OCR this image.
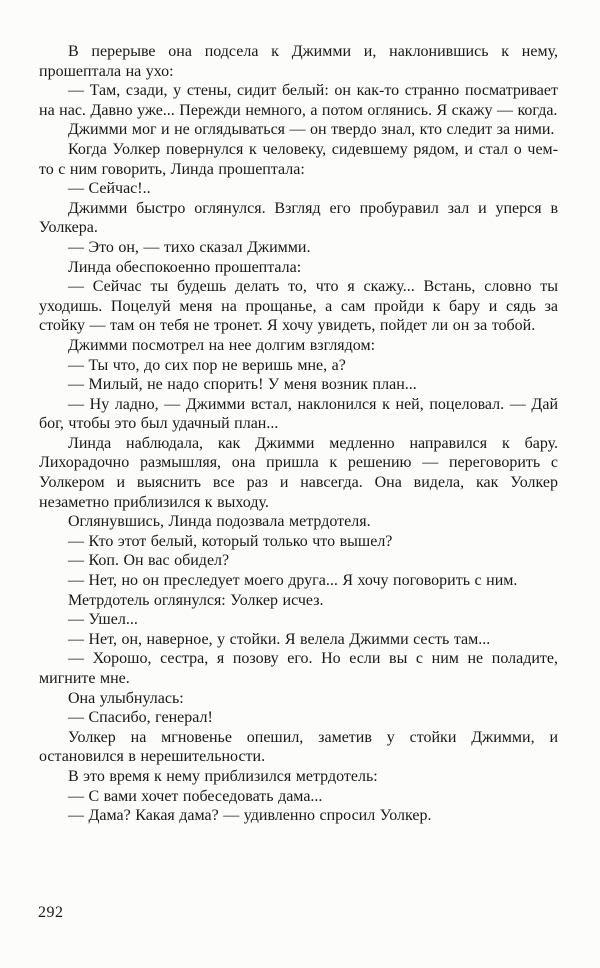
В перерыве она подсела к Джимми и, наклонившись к нему, прошептала на ухо:

— Там, сзади, у стены, сидит белый: он как-то странно посматривает на нас. Давно уже... Пережди немного, а потом оглянись. Я скажу — когда.

Джимми мог и не оглядываться — он твердо знал, кто следит за ними.

Когда Уолкер повернулся к человеку, сидевшему рядом, и стал о чем-то с ним говорить, Линда прошептала:

— Сейчас!..

Джимми быстро оглянулся. Взгляд его пробуравил зал и уперся в Уолкера.

— Это он, — тихо сказал Джимми.

Линда обеспокоенно прошептала:

— Сейчас ты будешь делать то, что я скажу... Встань, словно ты уходишь. Поцелуй меня на прощанье, а сам пройди к бару и сядь за стойку — там он тебя не тронет. Я хочу увидеть, пойдет ли он за тобой.

Джимми посмотрел на нее долгим взглядом:

— Ты что, до сих пор не веришь мне, а?

— Милый, не надо спорить! У меня возник план...

— Ну ладно, — Джимми встал, наклонился к ней, поцеловал. — Дай бог, чтобы это был удачный план...

Линда наблюдала, как Джимми медленно направился к бару. Лихорадочно размышляя, она пришла к решению — переговорить с Уолкером и выяснить все раз и навсегда. Она видела, как Уолкер незаметно приблизился к выходу.

Оглянувшись, Линда подозвала метрдотеля.

— Кто этот белый, который только что вышел?

— Коп. Он вас обидел?

— Нет, но он преследует моего друга... Я хочу поговорить с ним.

Метрдотель оглянулся: Уолкер исчез.

— Ушел...

— Нет, он, наверное, у стойки. Я велела Джимми сесть там...

— Хорошо, сестра, я позову его. Но если вы с ним не поладите, мигните мне.

Она улыбнулась:

— Спасибо, генерал!

Уолкер на мгновенье опешил, заметив у стойки Джимми, и остановился в нерешительности.

В это время к нему приблизился метрдотель:

— С вами хочет побеседовать дама...

— Дама? Какая дама? — удивленно спросил Уолкер.

292
